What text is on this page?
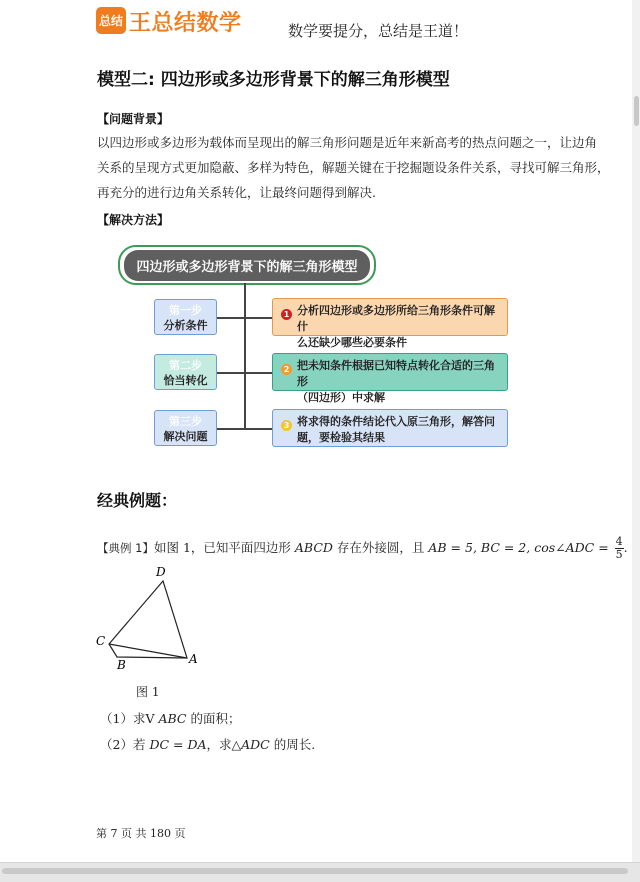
总结 王总结数学	数学要提分，总结是王道！
模型二: 四边形或多边形背景下的解三角形模型
【问题背景】
以四边形或多边形为载体而呈现出的解三角形问题是近年来新高考的热点问题之一，让边角
关系的呈现方式更加隐蔽、多样为特色，解题关键在于挖掘题设条件关系，寻找可解三角形，
再充分的进行边角关系转化，让最终问题得到解决.
【解决方法】
四边形或多边形背景下的解三角形模型
第一步
分析条件
第二步
恰当转化
第三步
解决问题
1 分析四边形或多边形所给三角形条件可解什
么还缺少哪些必要条件
2 把未知条件根据已知特点转化合适的三角形
（四边形）中求解
3 将求得的条件结论代入原三角形，解答问
题，要检验其结果
经典例题：
【典例 1】如图 1，已知平面四边形 ABCD 存在外接圆，且 AB = 5, BC = 2, cos∠ADC = $\frac{4}{5}$ .
D
C
B	A
图 1
（1）求V ABC 的面积；
（2）若 DC = DA，求△ADC 的周长.
第 7 页 共 180 页
